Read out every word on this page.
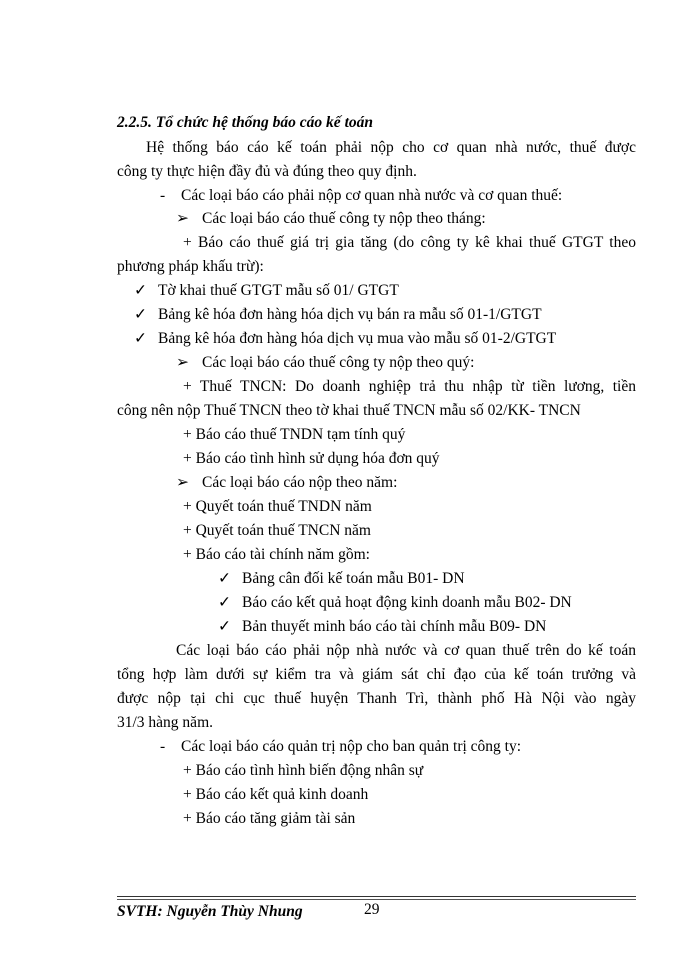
2.2.5. Tổ chức hệ thống báo cáo kế toán
Hệ thống báo cáo kế toán phải nộp cho cơ quan nhà nước, thuế được
công ty thực hiện đầy đủ và đúng theo quy định.
- Các loại báo cáo phải nộp cơ quan nhà nước và cơ quan thuế:
➢ Các loại báo cáo thuế công ty nộp theo tháng:
+ Báo cáo thuế giá trị gia tăng (do công ty kê khai thuế GTGT theo
phương pháp khấu trừ):
✓ Tờ khai thuế GTGT mẫu số 01/ GTGT
✓ Bảng kê hóa đơn hàng hóa dịch vụ bán ra mẫu số 01-1/GTGT
✓ Bảng kê hóa đơn hàng hóa dịch vụ mua vào mẫu số 01-2/GTGT
➢ Các loại báo cáo thuế công ty nộp theo quý:
+ Thuế TNCN: Do doanh nghiệp trả thu nhập từ tiền lương, tiền
công nên nộp Thuế TNCN theo tờ khai thuế TNCN mẫu số 02/KK- TNCN
+ Báo cáo thuế TNDN tạm tính quý
+ Báo cáo tình hình sử dụng hóa đơn quý
➢ Các loại báo cáo nộp theo năm:
+ Quyết toán thuế TNDN năm
+ Quyết toán thuế TNCN năm
+ Báo cáo tài chính năm gồm:
✓ Bảng cân đối kế toán mẫu B01- DN
✓ Báo cáo kết quả hoạt động kinh doanh mẫu B02- DN
✓ Bản thuyết minh báo cáo tài chính mẫu B09- DN
Các loại báo cáo phải nộp nhà nước và cơ quan thuế trên do kế toán
tổng hợp làm dưới sự kiểm tra và giám sát chỉ đạo của kế toán trưởng và
được nộp tại chi cục thuế huyện Thanh Trì, thành phố Hà Nội vào ngày
31/3 hàng năm.
- Các loại báo cáo quản trị nộp cho ban quản trị công ty:
+ Báo cáo tình hình biến động nhân sự
+ Báo cáo kết quả kinh doanh
+ Báo cáo tăng giảm tài sản
SVTH: Nguyễn Thùy Nhung	29
